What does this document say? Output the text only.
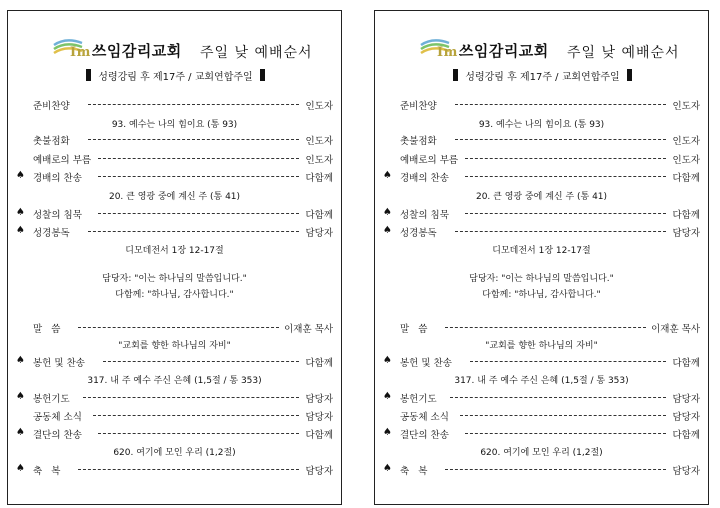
Im쓰임감리교회 주일 낮 예배순서
성령강림 후 제17주 / 교회연합주일
준비찬양	인도자
93. 예수는 나의 힘이요 (통 93)
촛불점화	인도자
예배로의 부름	인도자
♠ 경배의 찬송	다함께
20. 큰 영광 중에 계신 주 (통 41)
♠ 성찰의 침묵	다함께
♠ 성경봉독	담당자
디모데전서 1장 12-17절
담당자: "이는 하나님의 말씀입니다."
다함께: "하나님, 감사합니다."
말   씀	이재훈 목사
"교회를 향한 하나님의 자비"
♠ 봉헌 및 찬송	다함께
317. 내 주 예수 주신 은혜 (1,5절 / 통 353)
♠ 봉헌기도	담당자
공동체 소식	담당자
♠ 결단의 찬송	다함께
620. 여기에 모인 우리 (1,2절)
♠ 축   복	담당자
Im쓰임감리교회 주일 낮 예배순서
성령강림 후 제17주 / 교회연합주일
준비찬양	인도자
93. 예수는 나의 힘이요 (통 93)
촛불점화	인도자
예배로의 부름	인도자
♠ 경배의 찬송	다함께
20. 큰 영광 중에 계신 주 (통 41)
♠ 성찰의 침묵	다함께
♠ 성경봉독	담당자
디모데전서 1장 12-17절
담당자: "이는 하나님의 말씀입니다."
다함께: "하나님, 감사합니다."
말   씀	이재훈 목사
"교회를 향한 하나님의 자비"
♠ 봉헌 및 찬송	다함께
317. 내 주 예수 주신 은혜 (1,5절 / 통 353)
♠ 봉헌기도	담당자
공동체 소식	담당자
♠ 결단의 찬송	다함께
620. 여기에 모인 우리 (1,2절)
♠ 축   복	담당자
